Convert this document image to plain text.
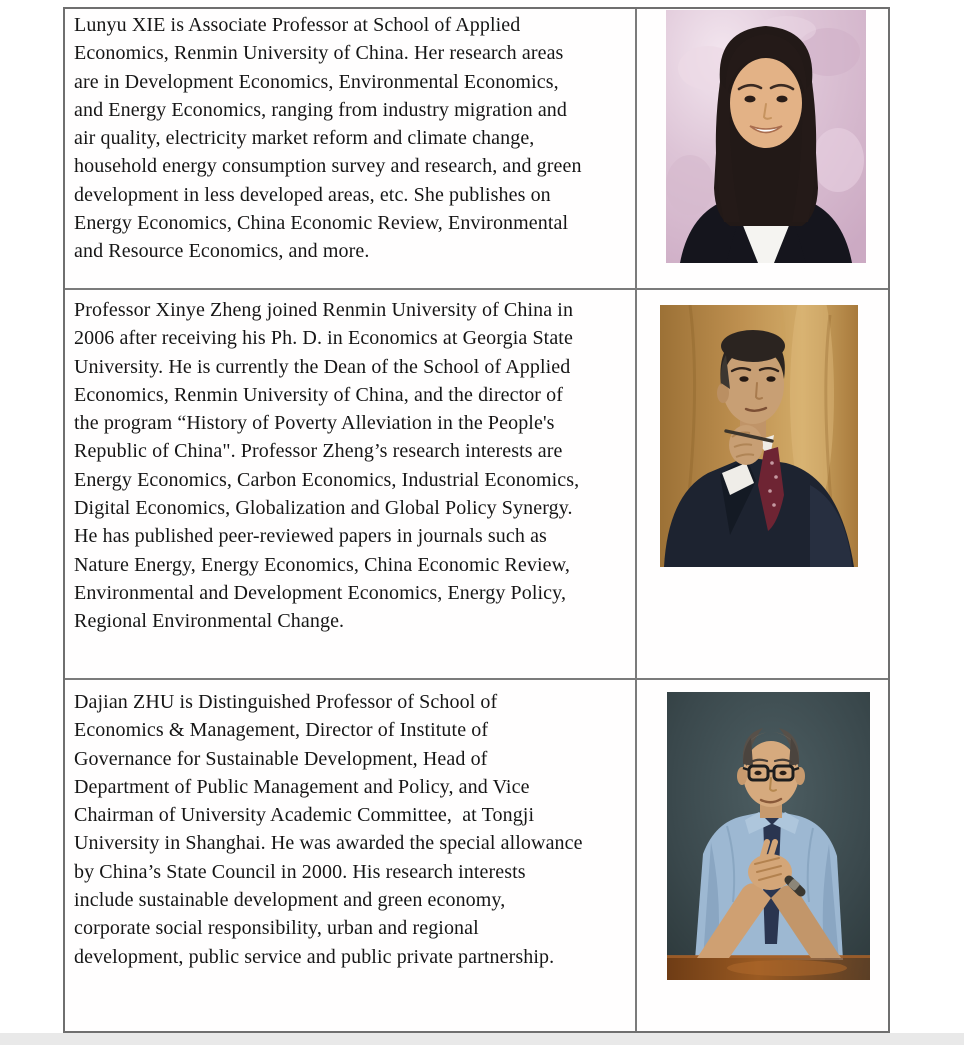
Lunyu XIE is Associate Professor at School of Applied
Economics, Renmin University of China. Her research areas
are in Development Economics, Environmental Economics,
and Energy Economics, ranging from industry migration and
air quality, electricity market reform and climate change,
household energy consumption survey and research, and green
development in less developed areas, etc. She publishes on
Energy Economics, China Economic Review, Environmental
and Resource Economics, and more.
Professor Xinye Zheng joined Renmin University of China in
2006 after receiving his Ph. D. in Economics at Georgia State
University. He is currently the Dean of the School of Applied
Economics, Renmin University of China, and the director of
the program “History of Poverty Alleviation in the People's
Republic of China". Professor Zheng’s research interests are
Energy Economics, Carbon Economics, Industrial Economics,
Digital Economics, Globalization and Global Policy Synergy.
He has published peer-reviewed papers in journals such as
Nature Energy, Energy Economics, China Economic Review,
Environmental and Development Economics, Energy Policy,
Regional Environmental Change.
Dajian ZHU is Distinguished Professor of School of
Economics & Management, Director of Institute of
Governance for Sustainable Development, Head of
Department of Public Management and Policy, and Vice
Chairman of University Academic Committee,  at Tongji
University in Shanghai. He was awarded the special allowance
by China’s State Council in 2000. His research interests
include sustainable development and green economy,
corporate social responsibility, urban and regional
development, public service and public private partnership.
